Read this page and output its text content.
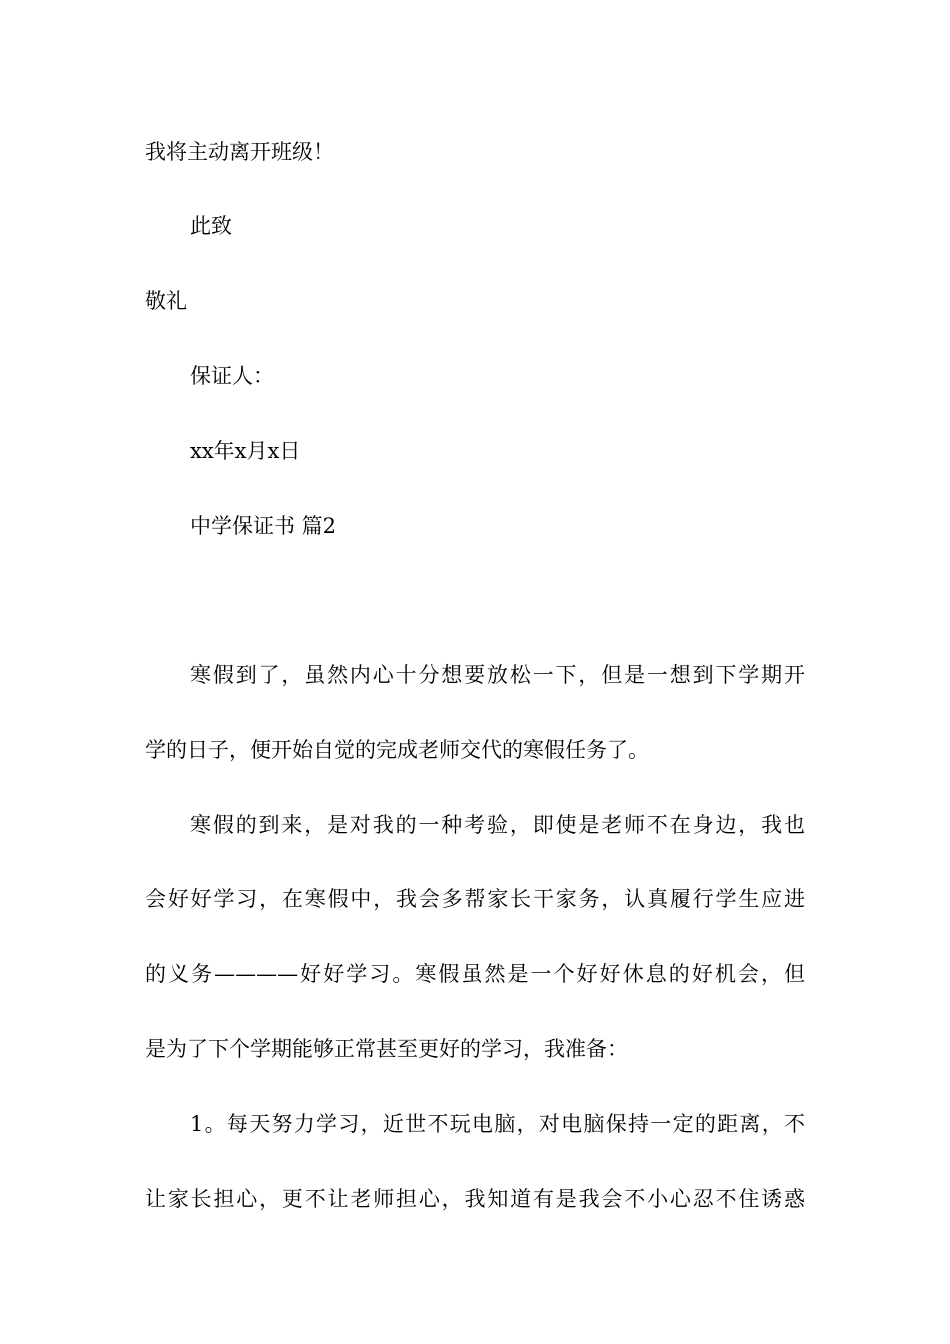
我将主动离开班级！
此致
敬礼
保证人：
xx年x月x日
中学保证书 篇2
寒假到了，虽然内心十分想要放松一下，但是一想到下学期开
学的日子，便开始自觉的完成老师交代的寒假任务了。
寒假的到来，是对我的一种考验，即使是老师不在身边，我也
会好好学习，在寒假中，我会多帮家长干家务，认真履行学生应进
的义务————好好学习。寒假虽然是一个好好休息的好机会，但
是为了下个学期能够正常甚至更好的学习，我准备：
1。每天努力学习，近世不玩电脑，对电脑保持一定的距离，不
让家长担心，更不让老师担心，我知道有是我会不小心忍不住诱惑
